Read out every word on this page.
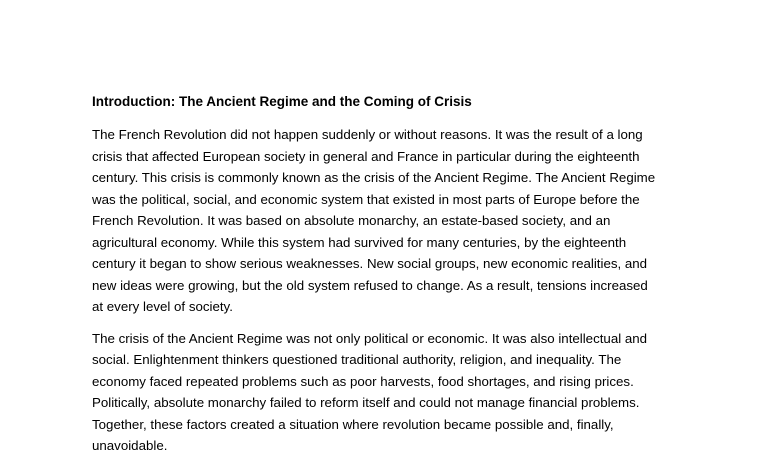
Introduction: The Ancient Regime and the Coming of Crisis
The French Revolution did not happen suddenly or without reasons. It was the result of a long
crisis that affected European society in general and France in particular during the eighteenth
century. This crisis is commonly known as the crisis of the Ancient Regime. The Ancient Regime
was the political, social, and economic system that existed in most parts of Europe before the
French Revolution. It was based on absolute monarchy, an estate-based society, and an
agricultural economy. While this system had survived for many centuries, by the eighteenth
century it began to show serious weaknesses. New social groups, new economic realities, and
new ideas were growing, but the old system refused to change. As a result, tensions increased
at every level of society.
The crisis of the Ancient Regime was not only political or economic. It was also intellectual and
social. Enlightenment thinkers questioned traditional authority, religion, and inequality. The
economy faced repeated problems such as poor harvests, food shortages, and rising prices.
Politically, absolute monarchy failed to reform itself and could not manage financial problems.
Together, these factors created a situation where revolution became possible and, finally,
unavoidable.
